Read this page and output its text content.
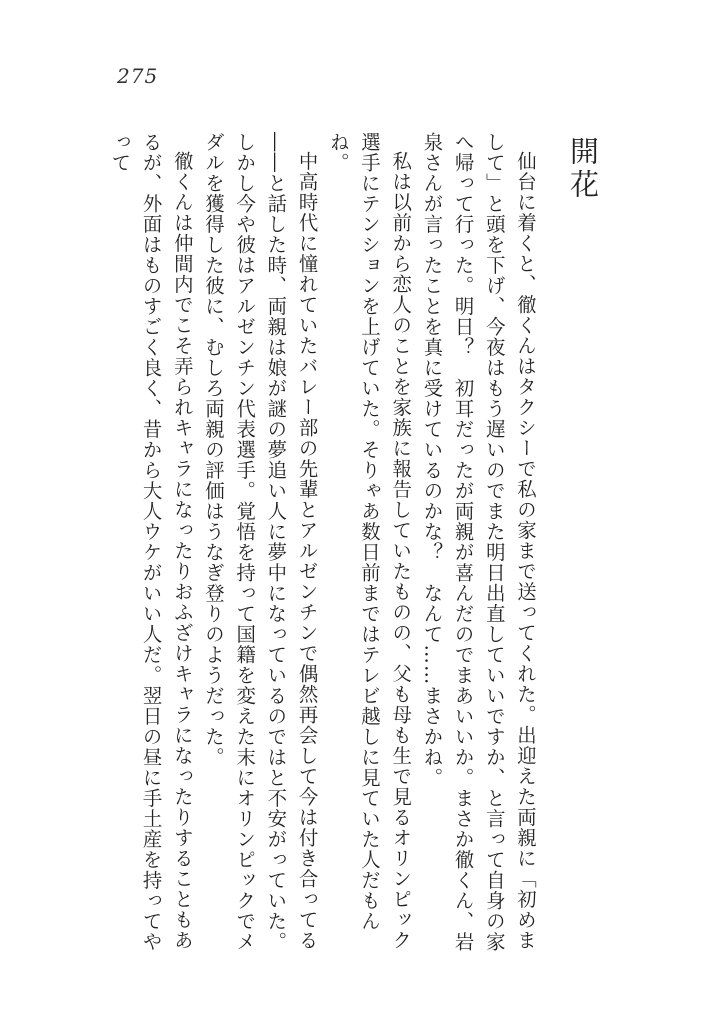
275
開花

仙台に着くと、徹くんはタクシーで私の家まで送ってくれた。出迎えた両親に「初めまして」と頭を下げ、今夜はもう遅いのでまた明日出直していいですか、と言って自身の家へ帰って行った。明日？　初耳だったが両親が喜んだのでまあいいか。まさか徹くん、岩泉さんが言ったことを真に受けているのかな？　なんて……まさかね。

私は以前から恋人のことを家族に報告していたものの、父も母も生で見るオリンピック選手にテンションを上げていた。そりゃあ数日前まではテレビ越しに見ていた人だもんね。

中高時代に憧れていたバレー部の先輩とアルゼンチンで偶然再会して今は付き合ってる――と話した時、両親は娘が謎の夢追い人に夢中になっているのではと不安がっていた。しかし今や彼はアルゼンチン代表選手。覚悟を持って国籍を変えた末にオリンピックでメダルを獲得した彼に、むしろ両親の評価はうなぎ登りのようだった。

徹くんは仲間内でこそ弄られキャラになったりおふざけキャラになったりすることもあるが、外面はものすごく良く、昔から大人ウケがいい人だ。翌日の昼に手土産を持ってやって
